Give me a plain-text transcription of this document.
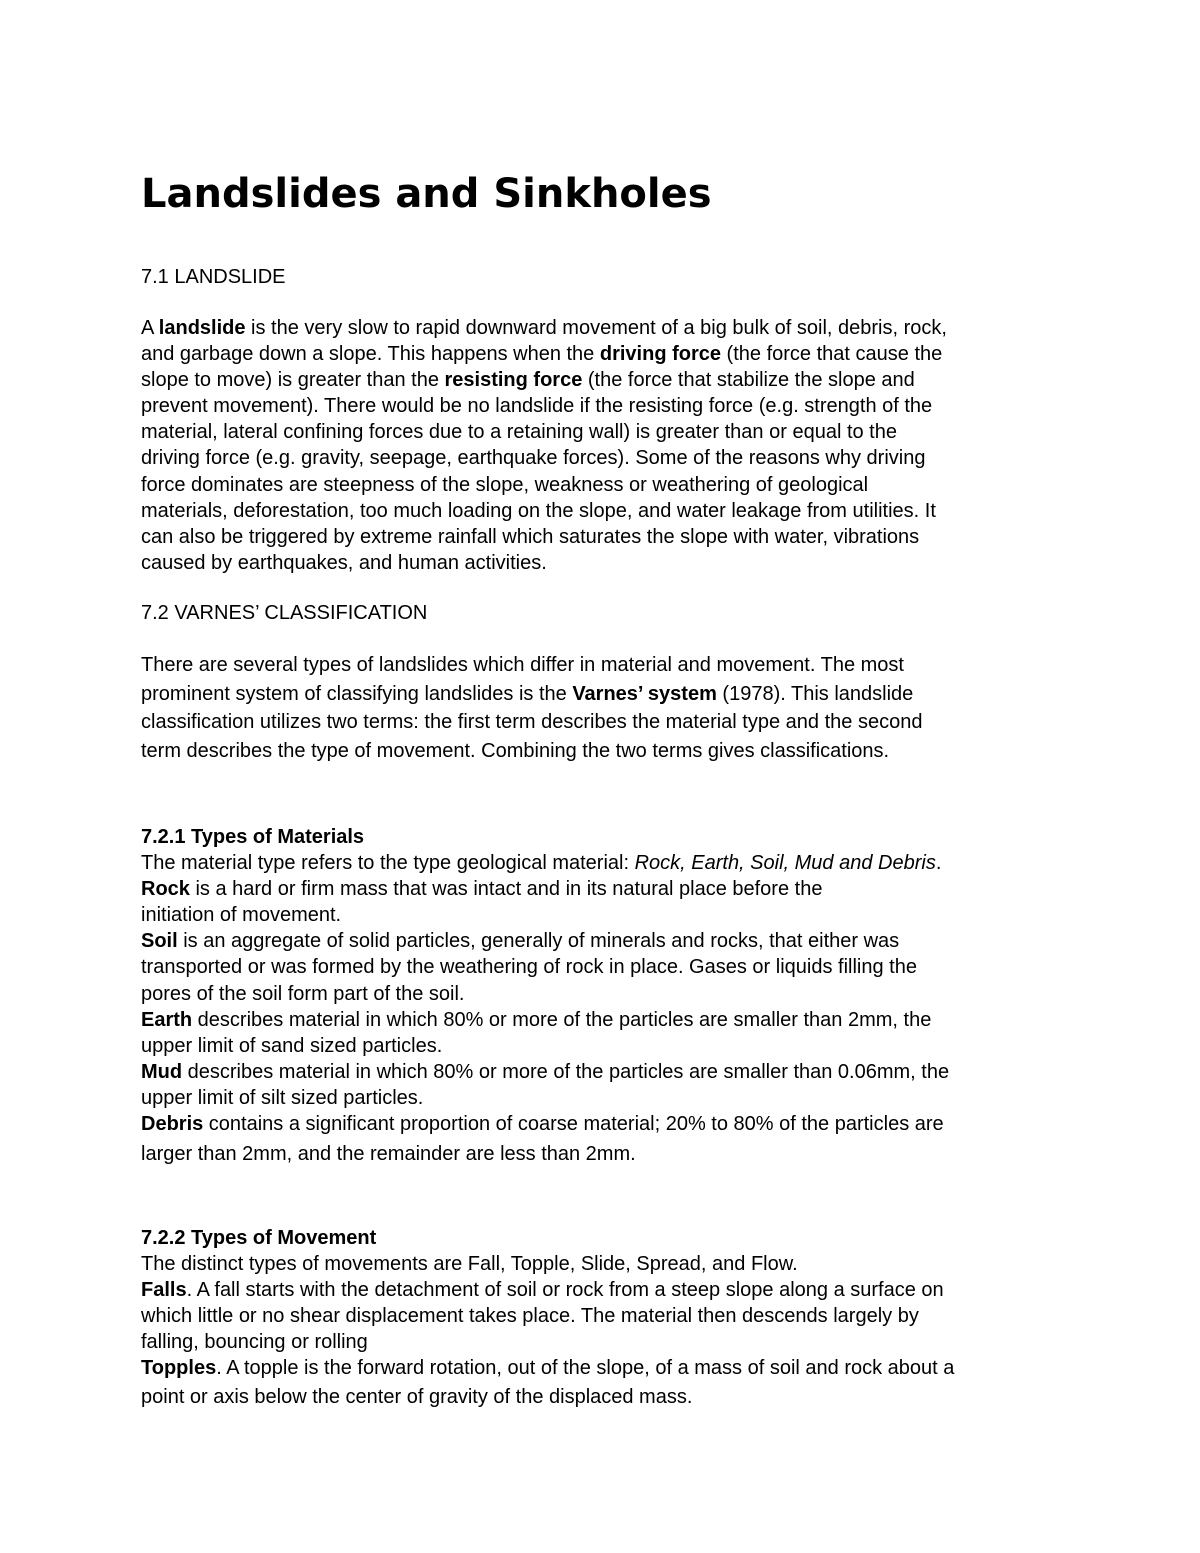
Landslides and Sinkholes
7.1 LANDSLIDE
A landslide is the very slow to rapid downward movement of a big bulk of soil, debris, rock,
and garbage down a slope. This happens when the driving force (the force that cause the
slope to move) is greater than the resisting force (the force that stabilize the slope and
prevent movement). There would be no landslide if the resisting force (e.g. strength of the
material, lateral confining forces due to a retaining wall) is greater than or equal to the
driving force (e.g. gravity, seepage, earthquake forces). Some of the reasons why driving
force dominates are steepness of the slope, weakness or weathering of geological
materials, deforestation, too much loading on the slope, and water leakage from utilities. It
can also be triggered by extreme rainfall which saturates the slope with water, vibrations
caused by earthquakes, and human activities.
7.2 VARNES’ CLASSIFICATION
There are several types of landslides which differ in material and movement. The most
prominent system of classifying landslides is the Varnes’ system (1978). This landslide
classification utilizes two terms: the first term describes the material type and the second
term describes the type of movement. Combining the two terms gives classifications.
7.2.1 Types of Materials
The material type refers to the type geological material: Rock, Earth, Soil, Mud and Debris.
Rock is a hard or firm mass that was intact and in its natural place before the
initiation of movement.
Soil is an aggregate of solid particles, generally of minerals and rocks, that either was
transported or was formed by the weathering of rock in place. Gases or liquids filling the
pores of the soil form part of the soil.
Earth describes material in which 80% or more of the particles are smaller than 2mm, the
upper limit of sand sized particles.
Mud describes material in which 80% or more of the particles are smaller than 0.06mm, the
upper limit of silt sized particles.
Debris contains a significant proportion of coarse material; 20% to 80% of the particles are
larger than 2mm, and the remainder are less than 2mm.
7.2.2 Types of Movement
The distinct types of movements are Fall, Topple, Slide, Spread, and Flow.
Falls. A fall starts with the detachment of soil or rock from a steep slope along a surface on
which little or no shear displacement takes place. The material then descends largely by
falling, bouncing or rolling
Topples. A topple is the forward rotation, out of the slope, of a mass of soil and rock about a
point or axis below the center of gravity of the displaced mass.
